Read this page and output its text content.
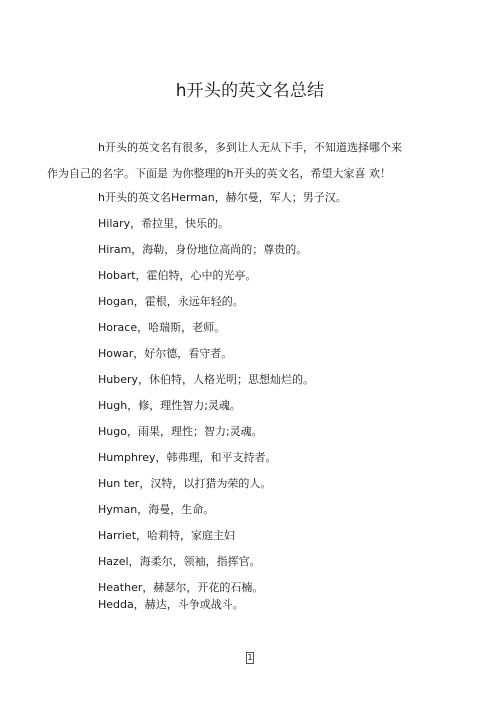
h开头的英文名总结
h开头的英文名有很多，多到让人无从下手，不知道选择哪个来
作为自己的名字。下面是 为你整理的h开头的英文名，希望大家喜 欢！
h开头的英文名Herman，赫尔曼，军人；男子汉。
Hilary，希拉里，快乐的。
Hiram，海勒，身份地位高尚的；尊贵的。
Hobart，霍伯特，心中的光亭。
Hogan，霍根，永远年轻的。
Horace，哈瑞斯，老师。
Howar，好尔德，看守者。
Hubery，休伯特，人格光明；思想灿烂的。
Hugh，修，理性智力;灵魂。
Hugo，雨果，理性；智力;灵魂。
Humphrey，韩弗理，和平支持者。
Hun ter，汉特，以打猎为荣的人。
Hyman，海曼，生命。
Harriet，哈莉特，家庭主妇
Hazel，海柔尔，领袖，指挥官。
Heather，赫瑟尔，开花的石楠。
Hedda，赫达，斗争或战斗。
1
